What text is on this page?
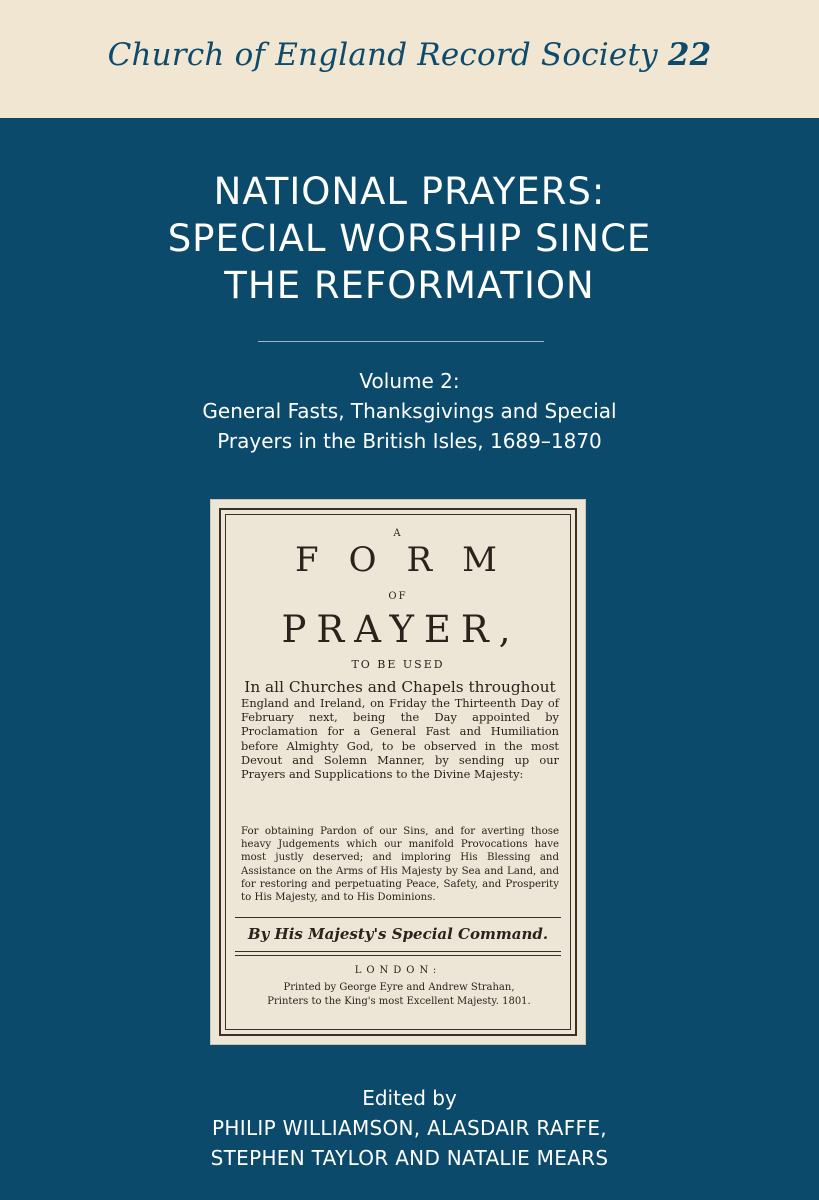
Church of England Record Society 22
NATIONAL PRAYERS:
SPECIAL WORSHIP SINCE
THE REFORMATION
Volume 2:
General Fasts, Thanksgivings and Special
Prayers in the British Isles, 1689–1870
A
FORM
OF
PRAYER,
TO BE USED
In all Churches and Chapels throughout
England and Ireland, on Friday the Thirteenth Day of February next, being the Day appointed by Proclamation for a General Fast and Humiliation before Almighty God, to be observed in the most Devout and Solemn Manner, by sending up our Prayers and Supplications to the Divine Majesty:
For obtaining Pardon of our Sins, and for averting those heavy Judgements which our manifold Provocations have most justly deserved; and imploring His Blessing and Assistance on the Arms of His Majesty by Sea and Land, and for restoring and perpetuating Peace, Safety, and Prosperity to His Majesty, and to His Dominions.
By His Majesty's Special Command.
LONDON:
Printed by George Eyre and Andrew Strahan,
Printers to the King's most Excellent Majesty. 1801.
Edited by
PHILIP WILLIAMSON, ALASDAIR RAFFE,
STEPHEN TAYLOR AND NATALIE MEARS
